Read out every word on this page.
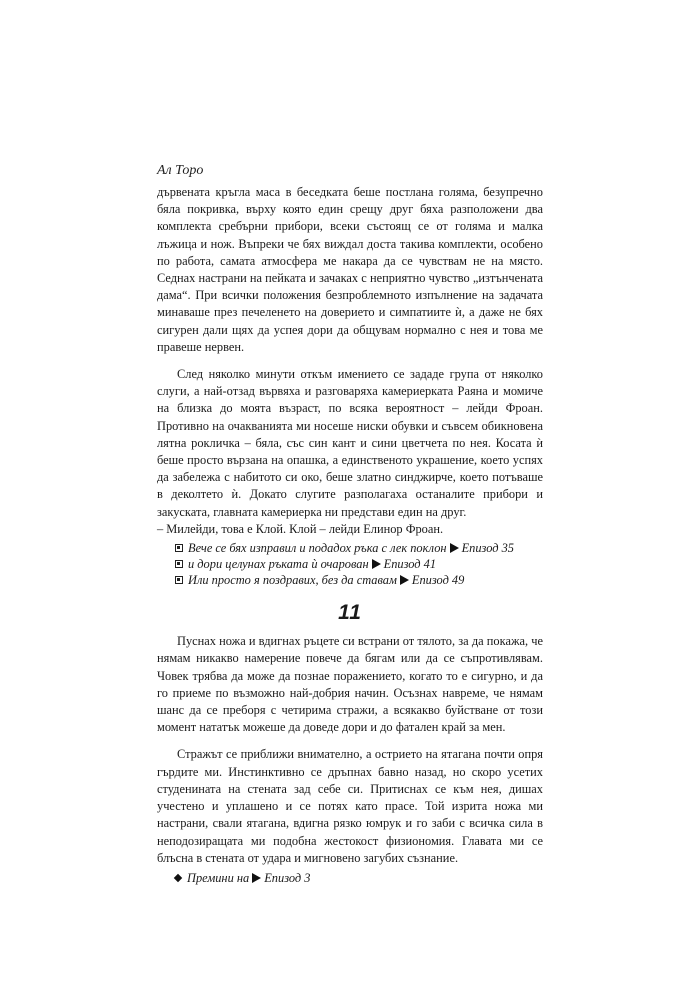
Ал Торо

дървената кръгла маса в беседката беше постлана голяма, безупречно бяла покривка, върху която един срещу друг бяха разположени два комплекта сребърни прибори, всеки състоящ се от голяма и малка лъжица и нож. Въпреки че бях виждал доста такива комплекти, особено по работа, самата атмосфера ме накара да се чувствам не на място. Седнах настрани на пейката и зачаках с неприятно чувство „изтънчената дама“. При всички положения безпроблемното изпълнение на задачата минаваше през печеленето на доверието и симпатиите ѝ, а даже не бях сигурен дали щях да успея дори да общувам нормално с нея и това ме правеше нервен.

След няколко минути откъм имението се зададе група от няколко слуги, а най-отзад вървяха и разговаряха камериерката Раяна и момиче на близка до моята възраст, по всяка вероятност – лейди Фроан. Противно на очакванията ми носеше ниски обувки и съвсем обикновена лятна рокличка – бяла, със син кант и сини цветчета по нея. Косата ѝ беше просто вързана на опашка, а единственото украшение, което успях да забележа с набитото си око, беше златно синджирче, което потъваше в деколтето ѝ. Докато слугите разполагаха останалите прибори и закуската, главната камериерка ни представи един на друг.

– Милейди, това е Клой. Клой – лейди Елинор Фроан.

Вече се бях изправил и подадох ръка с лек поклон Епизод 35
и дори целунах ръката ѝ очарован Епизод 41
Или просто я поздравих, без да ставам Епизод 49
11

Пуснах ножа и вдигнах ръцете си встрани от тялото, за да покажа, че нямам никакво намерение повече да бягам или да се съпротивлявам. Човек трябва да може да познае поражението, когато то е сигурно, и да го приеме по възможно най-добрия начин. Осъзнах навреме, че нямам шанс да се преборя с четирима стражи, а всякакво буйстване от този момент нататък можеше да доведе дори и до фатален край за мен.

Стражът се приближи внимателно, а острието на ятагана почти опря гърдите ми. Инстинктивно се дръпнах бавно назад, но скоро усетих студенината на стената зад себе си. Притиснах се към нея, дишах учестено и уплашено и се потях като прасе. Той изрита ножа ми настрани, свали ятагана, вдигна рязко юмрук и го заби с всичка сила в неподозиращата ми подобна жестокост физиономия. Главата ми се блъсна в стената от удара и мигновено загубих съзнание.

Премини на Епизод 3
